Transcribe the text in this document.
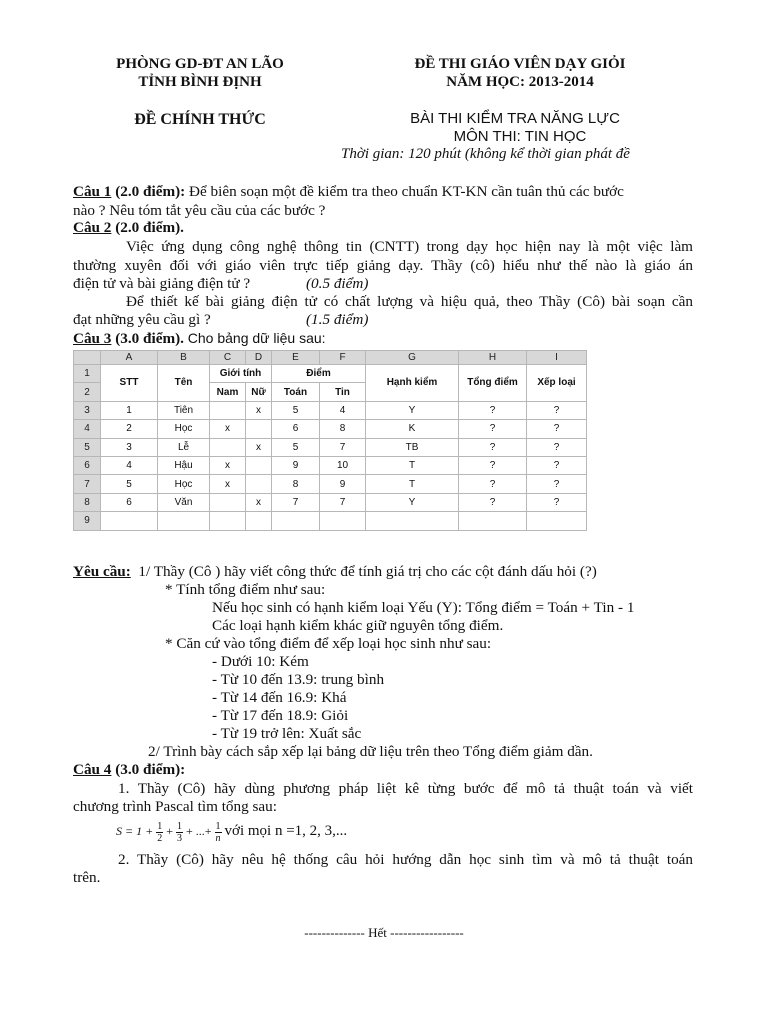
PHÒNG GD-ĐT AN LÃO
TỈNH BÌNH ĐỊNH
ĐỀ CHÍNH THỨC
ĐỀ THI GIÁO VIÊN DẠY GIỎI
NĂM HỌC: 2013-2014
BÀI THI KIỂM TRA NĂNG LỰC
MÔN THI: TIN HỌC
Thời gian: 120 phút (không kể thời gian phát đề
Câu 1 (2.0 điểm): Để biên soạn một đề kiểm tra theo chuẩn KT-KN cần tuân thủ các bước
nào ? Nêu tóm tắt yêu cầu của các bước ?
Câu 2 (2.0 điểm).
Việc ứng dụng công nghệ thông tin (CNTT) trong dạy học hiện nay là một việc làm
thường xuyên đối với giáo viên trực tiếp giảng dạy. Thầy (cô) hiểu như thế nào là giáo án
điện tử và bài giảng điện tử ?	(0.5 điểm)
Để thiết kế bài giảng điện tử có chất lượng và hiệu quả, theo Thầy (Cô) bài soạn cần
đạt những yêu cầu gì ?	(1.5 điểm)
Câu 3 (3.0 điểm). Cho bảng dữ liệu sau:
	A	B	C	D	E	F	G	H	I
1	STT	Tên	Giới tính		Điểm		Hạnh kiểm	Tổng điểm	Xếp loại
2			Nam	Nữ	Toán	Tin			
3	1	Tiên		x	5	4	Y	?	?
4	2	Học	x		6	8	K	?	?
5	3	Lễ		x	5	7	TB	?	?
6	4	Hậu	x		9	10	T	?	?
7	5	Học	x		8	9	T	?	?
8	6	Văn		x	7	7	Y	?	?
9									
Yêu cầu: 1/ Thầy (Cô ) hãy viết công thức để tính giá trị cho các cột đánh dấu hỏi (?)
* Tính tổng điểm như sau:
Nếu học sinh có hạnh kiểm loại Yếu (Y): Tổng điểm = Toán + Tin - 1
Các loại hạnh kiểm khác giữ nguyên tổng điểm.
* Căn cứ vào tổng điểm để xếp loại học sinh như sau:
- Dưới 10: Kém
- Từ 10 đến 13.9: trung bình
- Từ 14 đến 16.9: Khá
- Từ 17 đến 18.9: Giỏi
- Từ 19 trở lên: Xuất sắc
2/ Trình bày cách sắp xếp lại bảng dữ liệu trên theo Tổng điểm giảm dần.
Câu 4 (3.0 điểm):
1. Thầy (Cô) hãy dùng phương pháp liệt kê từng bước để mô tả thuật toán và viết
chương trình Pascal tìm tổng sau:
$S = 1 + \frac{1}{2} + \frac{1}{3}$ + ...+ $\frac{1}{n}$ với mọi n =1, 2, 3,...
2. Thầy (Cô) hãy nêu hệ thống câu hỏi hướng dẫn học sinh tìm và mô tả thuật toán
trên.
-------------- Hết -----------------
